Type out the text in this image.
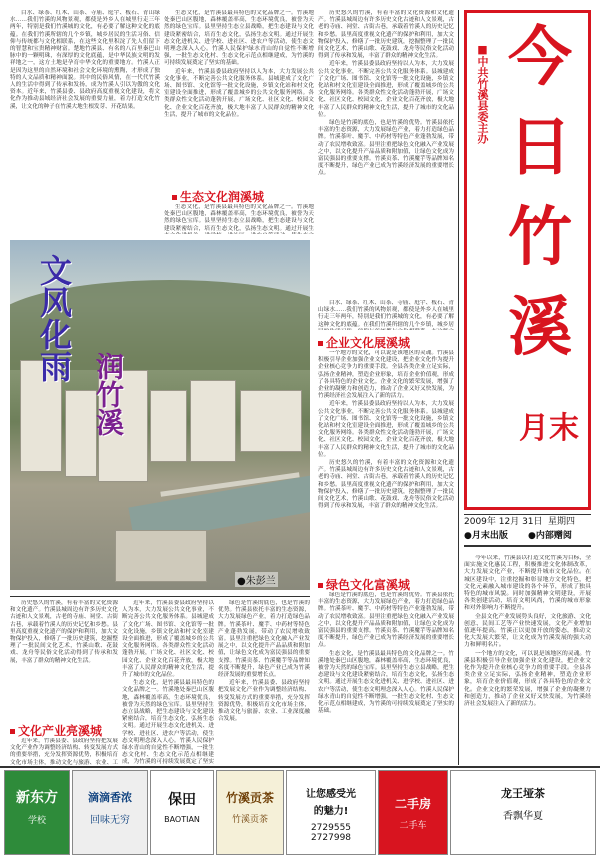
■中共竹溪县委主办 今
日
竹
溪
月末
2009年 12月 31日 星期四
●月末出版 ●内部赠阅

今年以来，竹溪县以打造文化竹溪为目标，全面实施文化惠民工程，积极推进文化体制改革，大力发展文化产业，不断提升城市文化品位。在城区建设中，注重挖掘和彰显地方文化特色，把文化元素融入城市建设的各个环节，形成了独具特色的城市风貌。同时加强精神文明建设，开展各类创建活动，培育文明风尚，竹溪的城市形象和对外影响力不断提升。

全县文化产业发展势头良好，文化旅游、文化创意、民间工艺等产业快速发展，文化产业增加值逐年提高。竹溪正以更加开放的姿态，推动文化大发展大繁荣，让文化成为竹溪发展的强大动力和鲜明名片。

一个地方的文化，可以说是该地区的灵魂。竹溪县积极引导企业加强企业文化建设，把企业文化作为提升企业核心竞争力的重要手段。全县各类企业立足实际，弘扬企业精神，塑造企业形象，培育企业价值观，形成了各具特色的企业文化。企业文化的繁荣发展，增强了企业的凝聚力和创造力，推动了企业又好又快发展，为竹溪经济社会发展注入了新的活力。

白水、绿茶、红木、山茶、寺庙、庭宇、板石、青山绿水……我们竹溪的风物景观，都使是外乡人在城里行走三年两年，特别是我们竹溪城的文化，有必要了解这种文化的底蕴。在我们竹溪所辖的几个乡镇，城乡居民的生活习俗、信仰与传统都与文化相联系，在这些文化里积淀了先人们留下的智慧和宝贵精神财富。楚地竹溪县、有名的八百里秦巴山脉中的一颗明珠，有深厚的文化底蕴，是中华民族文明的发祥地之一，这方土地是孕育中华文化的重要地方。竹溪人正是因为这里的自然环境和社会文化环境的熏陶，才形成了独特的人文品质和精神面貌。其中的民俗风情，在一代代竹溪人的生活中得到了传承和发扬，成为竹溪人引以为傲的文化资本。近年来，竹溪县委、县政府高度重视文化建设，将文化作为推动县域经济社会发展的重要力量，着力打造文化竹溪，让文化的种子在竹溪大地生根发芽、开花结果。

生态文化，是竹溪县最具特色的文化品牌之一。竹溪地处秦巴山区腹地，森林覆盖率高，生态环境优良，被誉为天然的绿色宝库。县里坚持生态立县战略，把生态建设与文化建设紧密结合，培育生态文化，弘扬生态文明。通过开展生态文化进机关、进学校、进社区、进农户等活动，使生态文明理念深入人心。竹溪人民保护绿水青山的自觉性不断增强，一批生态文化村、生态文化示范点相继建成，为竹溪的可持续发展奠定了坚实的基础。

近年来，竹溪县委县政府坚持以人为本，大力发展公共文化事业，不断完善公共文化服务体系。县城建成了文化广场、图书馆、文化馆等一批文化设施，乡镇文化站和村文化室建设全面推进，形成了覆盖城乡的公共文化服务网络。各类群众性文化活动蓬勃开展，广场文化、社区文化、校园文化、企业文化百花齐放，极大地丰富了人民群众的精神文化生活，提升了城市的文化品位。

生态文化润溪城

生态文化，是竹溪县最具特色的文化品牌之一。竹溪地处秦巴山区腹地，森林覆盖率高，生态环境优良，被誉为天然的绿色宝库。县里坚持生态立县战略，把生态建设与文化建设紧密结合，培育生态文化，弘扬生态文明。通过开展生

历史悠久的竹溪，有着丰富的文化资源和文化遗产。竹溪县城周边有许多历史文化古迹和人文景观，古老的寺庙、祠堂、古街古巷，承载着竹溪人的历史记忆和乡愁。县里高度重视文化遗产的保护和利用，加大文物保护投入，修缮了一批历史建筑，挖掘整理了一批民间文化艺术，竹溪山歌、花鼓戏、龙舟等民俗文化活动得到了传承和发展，丰富了群众的精神文化生活。

近年来，竹溪县委县政府坚持以人为本，大力发展公共文化事业，不断完善公共文化服务体系。县城建成了文化广场、图书馆、文化馆等一批文化设施，乡镇文化站和村文化室建设全面推进，形成了覆盖城乡的公共文化服务网络。各类群众性文化活动蓬勃开展，广场文化、社区文化、校园文化、企业文化百花齐放，极大地丰富了人民群众的精神文化生活，提升了城市的文化品位。

绿色是竹溪的底色，也是竹溪的优势。竹溪县依托丰富的生态资源，大力发展绿色产业，着力打造绿色品牌。竹溪茶叶、魔芋、中药材等特色产业蓬勃发展，带动了农民增收致富。县里注重把绿色文化融入产业发展之中，以文化提升产品品质和附加值，让绿色文化成为富民强县的重要支撑。竹溪贡茶、竹溪魔芋等品牌知名度不断提升，绿色产业已成为竹溪经济发展的重要增长点。

文风化雨
润竹溪
●朱彭兰

白水、绿茶、红木、山茶、寺庙、庭宇、板石、青山绿水……我们竹溪的风物景观，都使是外乡人在城里行走三年两年，特别是我们竹溪城的文化，有必要了解这种文化的底蕴。在我们竹溪所辖的几个乡镇，城乡居

企业文化展溪城

一个地方的文化，可以说是该地区的灵魂。竹溪县积极引导企业加强企业文化建设，把企业文化作为提升企业核心竞争力的重要手段。全县各类企业立足实际，弘扬企业精神，塑造企业形象，培育企业价值观，形成了各具特色的企业文化。企业文化的繁荣发展，增强了企业的凝聚力和创造力，推动了企业又好又快发展，为竹溪经济社会发展注入了新的活力。

近年来，竹溪县委县政府坚持以人为本，大力发展公共文化事业，不断完善公共文化服务体系。县城建成了文化广场、图书馆、文化馆等一批文化设施，乡镇文化站和村文化室建设全面推进，形成了覆盖城乡的公共文化服务网络。各类群众性文化活动蓬勃开展，广场文化、社区文化、校园文化、企业文化百花齐放，极大地丰富了人民群众的精神文化生活，提升了城市的文化品位。

历史悠久的竹溪，有着丰富的文化资源和文化遗产。竹溪县城周边有许多历史文化古迹和人文景观，古老的寺庙、祠堂、古街古巷，承载着竹溪人的历史记忆和乡愁。县里高度重视文化遗产的保护和利用，加大文物保护投入，修缮了一批历史建筑，挖掘整理了一批民间文化艺术，竹溪山歌、花鼓戏、龙舟等民俗文化活动得到了传承和发展，丰富了群众的精神文化生活。

绿色文化富溪城

绿色是竹溪的底色，也是竹溪的优势。竹溪县依托丰富的生态资源，大力发展绿色产业，着力打造绿色品牌。竹溪茶叶、魔芋、中药材等特色产业蓬勃发展，带动了农民增收致富。县里注重把绿色文化融入产业发展之中，以文化提升产品品质和附加值，让绿色文化成为富民强县的重要支撑。竹溪贡茶、竹溪魔芋等品牌知名度不断提升，绿色产业已成为竹溪经济发展的重要增长点。

生态文化，是竹溪县最具特色的文化品牌之一。竹溪地处秦巴山区腹地，森林覆盖率高，生态环境优良，被誉为天然的绿色宝库。县里坚持生态立县战略，把生态建设与文化建设紧密结合，培育生态文化，弘扬生态文明。通过开展生态文化进机关、进学校、进社区、进农户等活动，使生态文明理念深入人心。竹溪人民保护绿水青山的自觉性不断增强，一批生态文化村、生态文化示范点相继建成，为竹溪的可持续发展奠定了坚实的基础。

历史悠久的竹溪，有着丰富的文化资源和文化遗产。竹溪县城周边有许多历史文化古迹和人文景观，古老的寺庙、祠堂、古街古巷，承载着竹溪人的历史记忆和乡愁。县里高度重视文化遗产的保护和利用，加大文物保护投入，修缮了一批历史建筑，挖掘整理了一批民间文化艺术，竹溪山歌、花鼓戏、龙舟等民俗文化活动得到了传承和发展，丰富了群众的精神文化生活。

文化产业亮溪城

近年来，竹溪县委、县政府坚持把发展文化产业作为调整经济结构、转变发展方式的重要举措，充分发挥资源优势，积极培育文化市场主体，推动文化与旅游、农业、工

近年来，竹溪县委县政府坚持以人为本，大力发展公共文化事业，不断完善公共文化服务体系。县城建成了文化广场、图书馆、文化馆等一批文化设施，乡镇文化站和村文化室建设全面推进，形成了覆盖城乡的公共文化服务网络。各类群众性文化活动蓬勃开展，广场文化、社区文化、校园文化、企业文化百花齐放，极大地丰富了人民群众的精神文化生活，提升了城市的文化品位。

生态文化，是竹溪县最具特色的文化品牌之一。竹溪地处秦巴山区腹地，森林覆盖率高，生态环境优良，被誉为天然的绿色宝库。县里坚持生态立县战略，把生态建设与文化建设紧密结合，培育生态文化，弘扬生态文明。通过开展生态文化进机关、进学校、进社区、进农户等活动，使生态文明理念深入人心。竹溪人民保护绿水青山的自觉性不断增强，一批生态文化村、生态文化示范点相继建成，为竹溪的可持续发展奠定了坚实

绿色是竹溪的底色，也是竹溪的优势。竹溪县依托丰富的生态资源，大力发展绿色产业，着力打造绿色品牌。竹溪茶叶、魔芋、中药材等特色产业蓬勃发展，带动了农民增收致富。县里注重把绿色文化融入产业发展之中，以文化提升产品品质和附加值，让绿色文化成为富民强县的重要支撑。竹溪贡茶、竹溪魔芋等品牌知名度不断提升，绿色产业已成为竹溪经济发展的重要增长点。

近年来，竹溪县委、县政府坚持把发展文化产业作为调整经济结构、转变发展方式的重要举措，充分发挥资源优势，积极培育文化市场主体，推动文化与旅游、农业、工业深度融合发展。

新东方
学校
滴滴香浓
回味无穷
保田
BAOTIAN
竹溪贡茶
竹溪贡茶
让您感受光
的魅力!
2729555
2727998
二手房
二手车
龙王垭茶
香飘华夏
